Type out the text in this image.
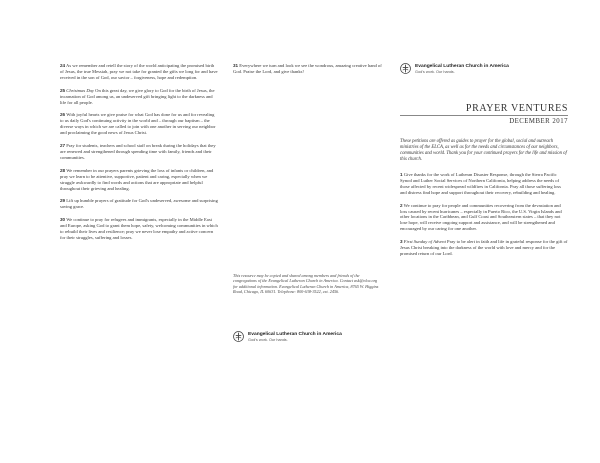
24 As we remember and retell the story of the world anticipating the promised birth of Jesus, the true Messiah, pray we not take for granted the gifts we long for and have received in the son of God, our savior – forgiveness, hope and redemption.

25 Christmas Day On this great day, we give glory to God for the birth of Jesus, the incarnation of God among us, an undeserved gift bringing light to the darkness and life for all people.

26 With joyful hearts we give praise for what God has done for us and for revealing to us daily God's continuing activity in the world and – through our baptism – the diverse ways in which we are called to join with one another in serving our neighbor and proclaiming the good news of Jesus Christ.

27 Pray for students, teachers and school staff on break during the holidays that they are renewed and strengthened through spending time with family, friends and their communities.

28 We remember in our prayers parents grieving the loss of infants or children, and pray we learn to be attentive, supportive, patient and caring, especially when we struggle awkwardly to find words and actions that are appropriate and helpful throughout their grieving and healing.

29 Lift up humble prayers of gratitude for God's undeserved, awesome and surprising saving grace.

30 We continue to pray for refugees and immigrants, especially in the Middle East and Europe, asking God to grant them hope, safety, welcoming communities in which to rebuild their lives and resilience; pray we never lose empathy and active concern for their struggles, suffering and losses.

31 Everywhere we turn and look we see the wondrous, amazing creative hand of God. Praise the Lord, and give thanks!

This resource may be copied and shared among members and friends of the congregations of the Evangelical Lutheran Church in America. Contact ask@elca.org for additional information. Evangelical Lutheran Church in America, 8765 W. Higgins Road, Chicago, IL 60631. Telephone: 800-638-3522, ext. 2456.

Evangelical Lutheran Church in America
God's work. Our hands.
Evangelical Lutheran Church in America
God's work. Our hands.
PRAYER VENTURES
DECEMBER 2017

These petitions are offered as guides to prayer for the global, social and outreach ministries of the ELCA, as well as for the needs and circumstances of our neighbors, communities and world. Thank you for your continued prayers for the life and mission of this church.

1 Give thanks for the work of Lutheran Disaster Response, through the Sierra Pacific Synod and Luther Social Services of Northern California, helping address the needs of those affected by recent widespread wildfires in California. Pray all those suffering loss and distress find hope and support throughout their recovery, rebuilding and healing.

2 We continue to pray for people and communities recovering from the devastation and loss caused by recent hurricanes – especially in Puerto Rico, the U.S. Virgin Islands and other locations in the Caribbean, and Gulf Coast and Southeastern states – that they not lose hope, will receive ongoing support and assistance, and will be strengthened and encouraged by our caring for one another.

3 First Sunday of Advent Pray to be alert in faith and life in grateful response for the gift of Jesus Christ breaking into the darkness of the world with love and mercy and for the promised return of our Lord.
